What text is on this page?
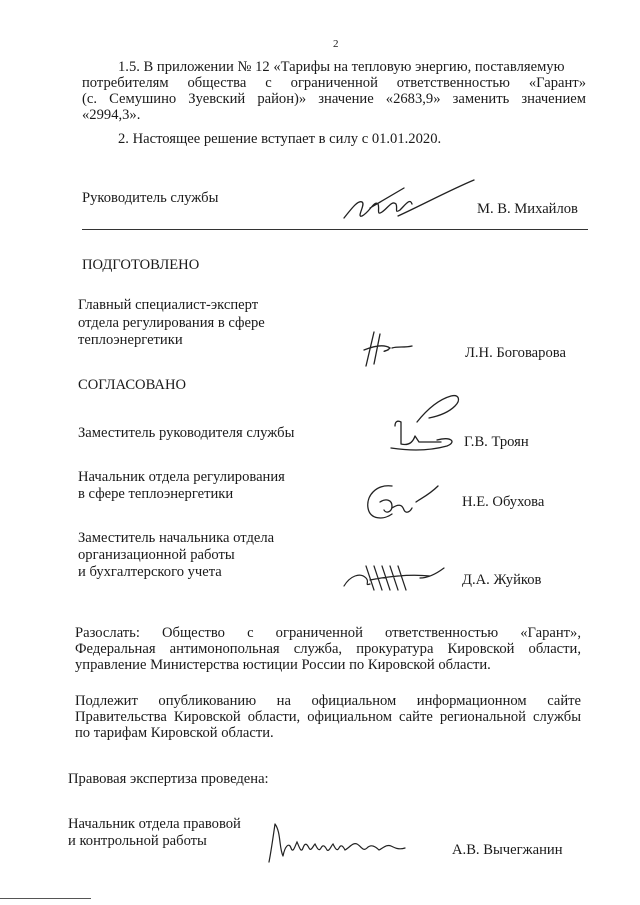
2
1.5. В приложении № 12 «Тарифы на тепловую энергию, поставляемую
потребителям общества с ограниченной ответственностью «Гарант»
(с. Семушино Зуевский район)» значение «2683,9» заменить значением
«2994,3».
2. Настоящее решение вступает в силу с 01.01.2020.
Руководитель службы
М. В. Михайлов
ПОДГОТОВЛЕНО
Главный специалист-эксперт
отдела регулирования в сфере
теплоэнергетики
Л.Н. Боговарова
СОГЛАСОВАНО
Заместитель руководителя службы
Г.В. Троян
Начальник отдела регулирования
в сфере теплоэнергетики	Н.Е. Обухова
Заместитель начальника отдела
организационной работы
и бухгалтерского учета	Д.А. Жуйков
Разослать: Общество с ограниченной ответственностью «Гарант»,
Федеральная антимонопольная служба, прокуратура Кировской области,
управление Министерства юстиции России по Кировской области.
Подлежит опубликованию на официальном информационном сайте
Правительства Кировской области, официальном сайте региональной службы
по тарифам Кировской области.
Правовая экспертиза проведена:
Начальник отдела правовой
и контрольной работы
А.В. Вычегжанин
